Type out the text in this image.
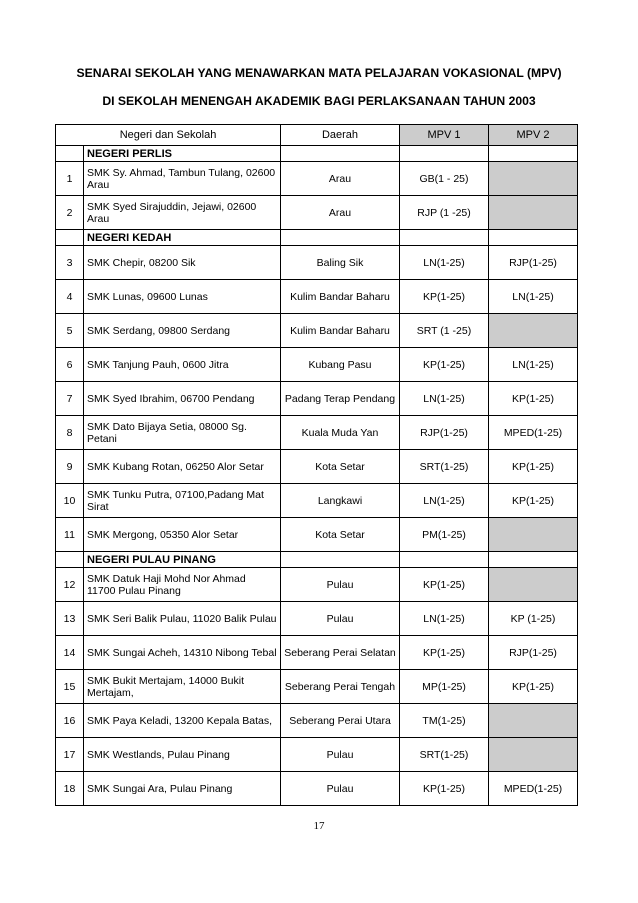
SENARAI SEKOLAH YANG MENAWARKAN MATA PELAJARAN VOKASIONAL (MPV)
DI SEKOLAH MENENGAH AKADEMIK BAGI PERLAKSANAAN TAHUN 2003
Negeri dan Sekolah		Daerah	MPV 1	MPV 2
	NEGERI PERLIS			
1	SMK Sy. Ahmad, Tambun Tulang, 02600 Arau	Arau	GB(1 - 25)	
2	SMK Syed Sirajuddin, Jejawi, 02600 Arau	Arau	RJP (1 -25)	
	NEGERI KEDAH			
3	SMK Chepir, 08200 Sik	Baling Sik	LN(1-25)	RJP(1-25)
4	SMK Lunas, 09600 Lunas	Kulim Bandar Baharu	KP(1-25)	LN(1-25)
5	SMK Serdang, 09800 Serdang	Kulim Bandar Baharu	SRT (1 -25)	
6	SMK Tanjung Pauh, 0600 Jitra	Kubang Pasu	KP(1-25)	LN(1-25)
7	SMK Syed Ibrahim, 06700 Pendang	Padang Terap Pendang	LN(1-25)	KP(1-25)
8	SMK Dato Bijaya Setia, 08000 Sg. Petani	Kuala Muda Yan	RJP(1-25)	MPED(1-25)
9	SMK Kubang Rotan, 06250 Alor Setar	Kota Setar	SRT(1-25)	KP(1-25)
10	SMK Tunku Putra, 07100,Padang Mat Sirat	Langkawi	LN(1-25)	KP(1-25)
11	SMK Mergong, 05350 Alor Setar	Kota Setar	PM(1-25)	
	NEGERI PULAU PINANG			
12	SMK Datuk Haji Mohd Nor Ahmad 11700 Pulau Pinang	Pulau	KP(1-25)	
13	SMK Seri Balik Pulau, 11020 Balik Pulau	Pulau	LN(1-25)	KP (1-25)
14	SMK Sungai Acheh, 14310 Nibong Tebal	Seberang Perai Selatan	KP(1-25)	RJP(1-25)
15	SMK Bukit Mertajam, 14000 Bukit Mertajam,	Seberang Perai Tengah	MP(1-25)	KP(1-25)
16	SMK Paya Keladi, 13200 Kepala Batas,	Seberang Perai Utara	TM(1-25)	
17	SMK Westlands, Pulau Pinang	Pulau	SRT(1-25)	
18	SMK Sungai Ara, Pulau Pinang	Pulau	KP(1-25)	MPED(1-25)
17
